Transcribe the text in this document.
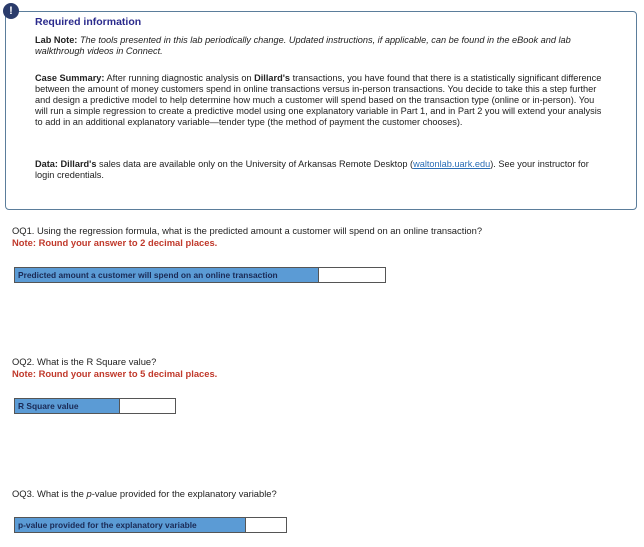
!
Required information
Lab Note: The tools presented in this lab periodically change. Updated instructions, if applicable, can be found in the eBook and lab walkthrough videos in Connect.
Case Summary: After running diagnostic analysis on Dillard's transactions, you have found that there is a statistically significant difference between the amount of money customers spend in online transactions versus in-person transactions. You decide to take this a step further and design a predictive model to help determine how much a customer will spend based on the transaction type (online or in-person). You will run a simple regression to create a predictive model using one explanatory variable in Part 1, and in Part 2 you will extend your analysis to add in an additional explanatory variable—tender type (the method of payment the customer chooses).
Data: Dillard's sales data are available only on the University of Arkansas Remote Desktop (waltonlab.uark.edu). See your instructor for login credentials.
OQ1. Using the regression formula, what is the predicted amount a customer will spend on an online transaction?
Note: Round your answer to 2 decimal places.
Predicted amount a customer will spend on an online transaction
OQ2. What is the R Square value?
Note: Round your answer to 5 decimal places.
R Square value
OQ3. What is the p-value provided for the explanatory variable?
p-value provided for the explanatory variable
